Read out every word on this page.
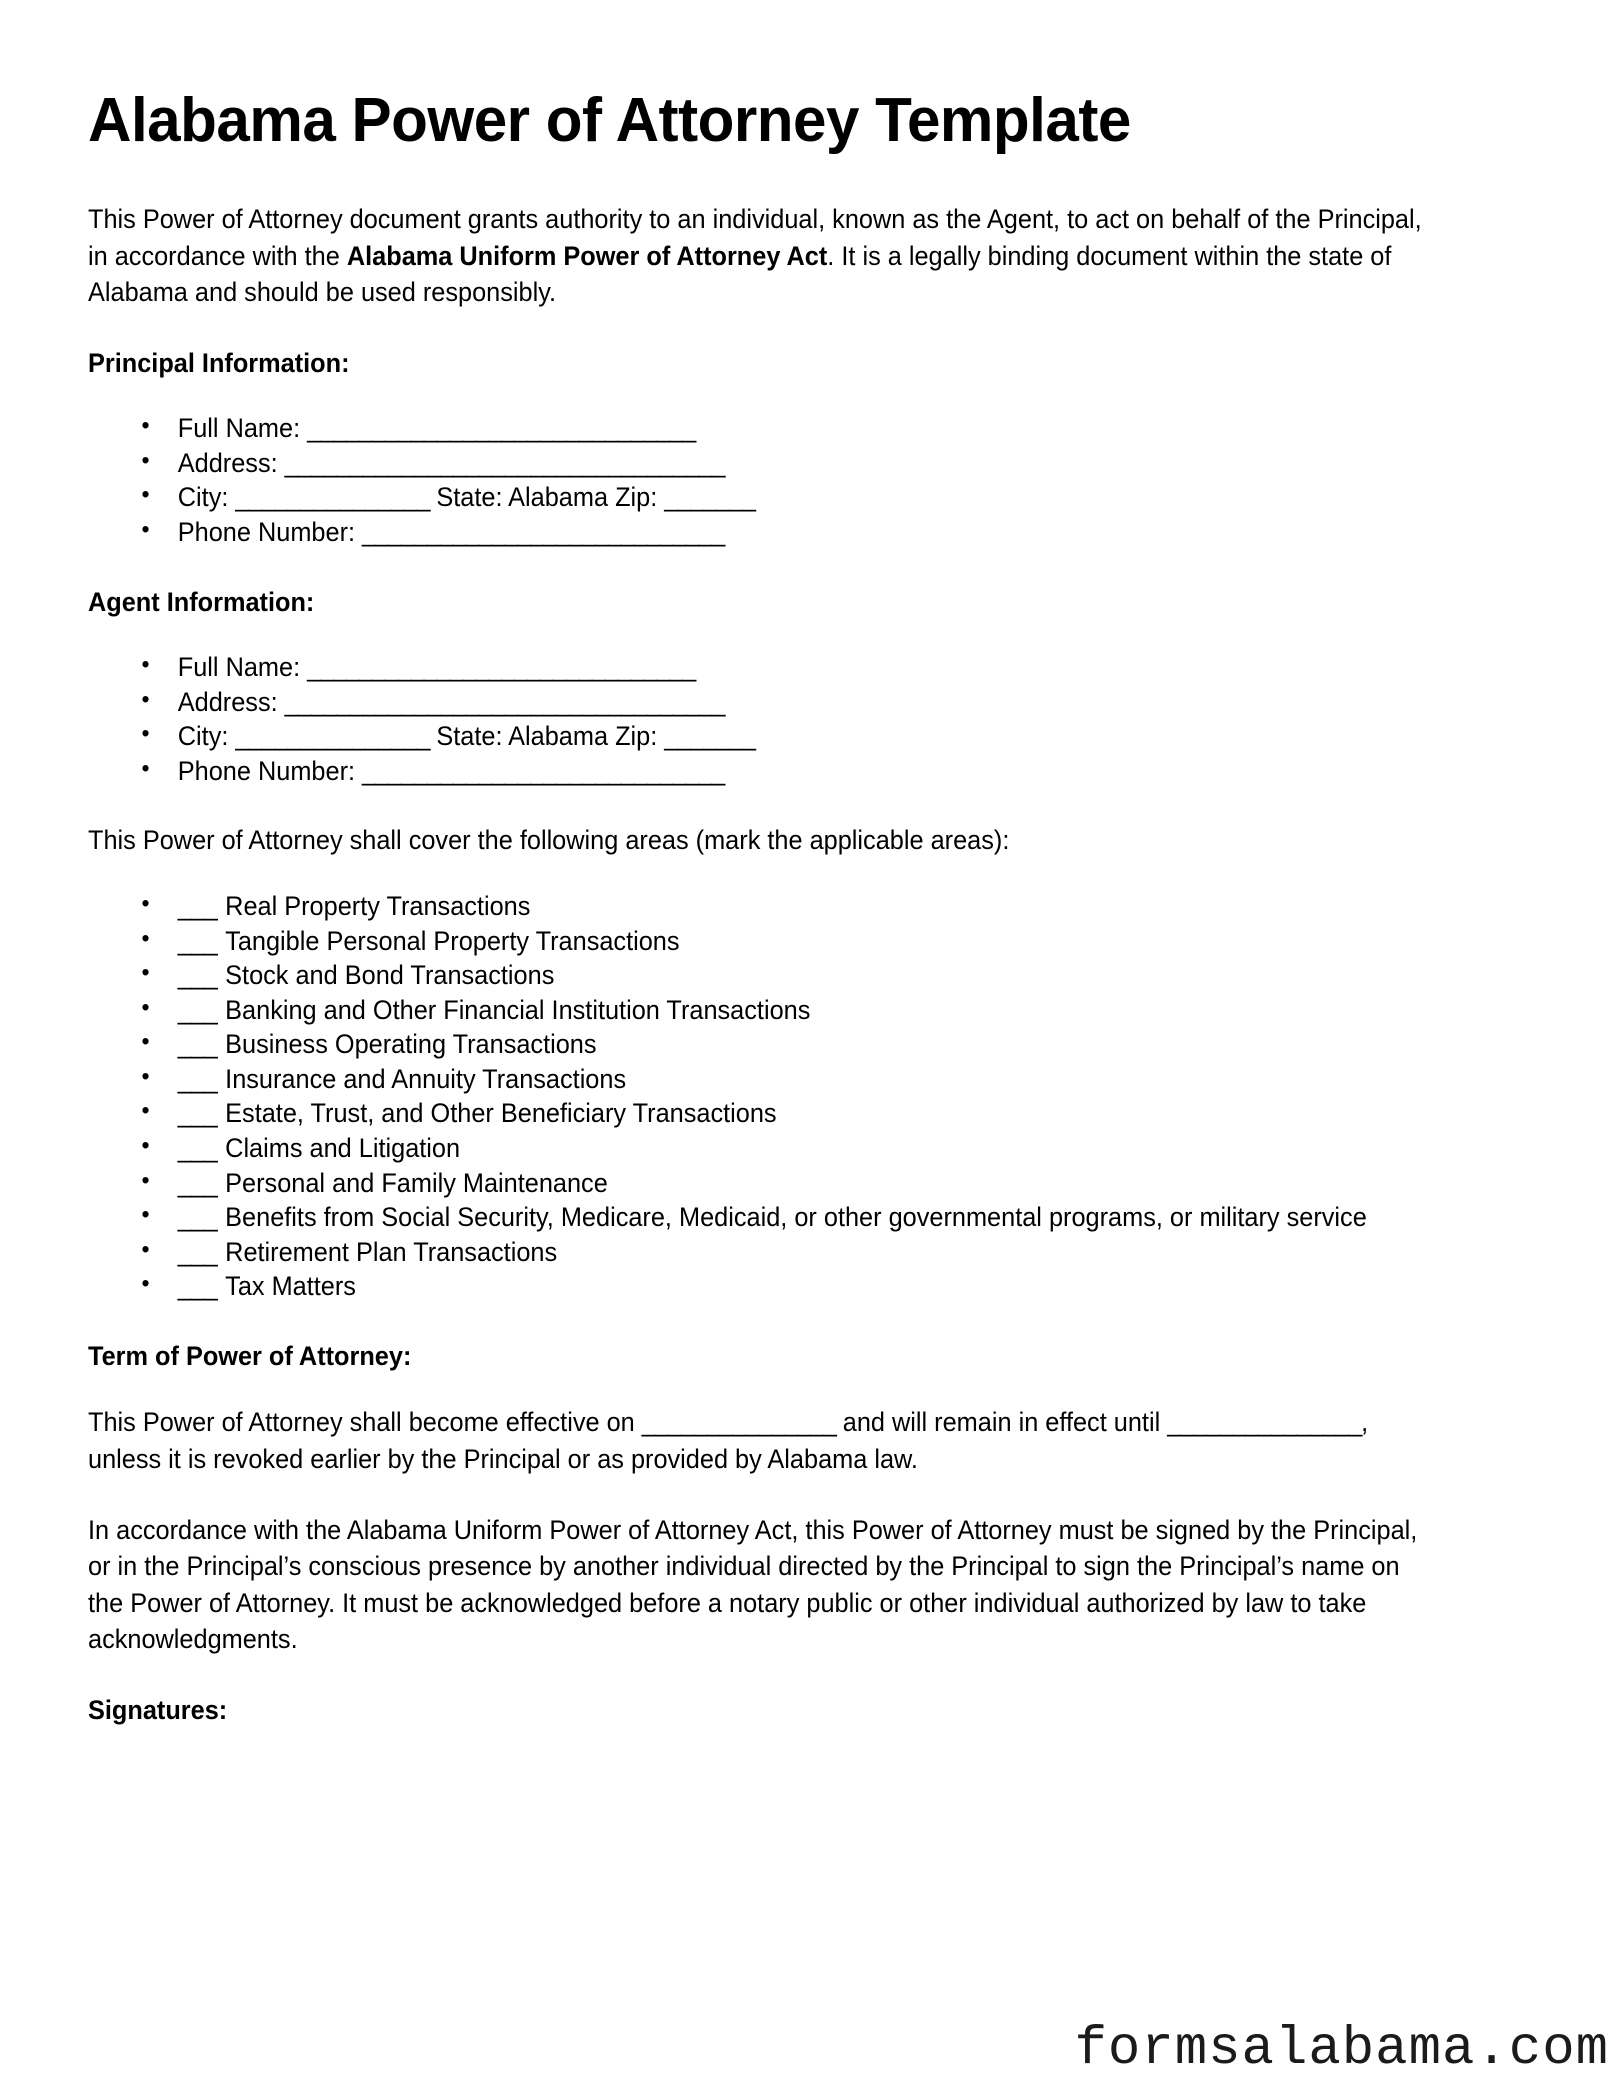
Alabama Power of Attorney Template

This Power of Attorney document grants authority to an individual, known as the Agent, to act on behalf of the Principal, in accordance with the Alabama Uniform Power of Attorney Act. It is a legally binding document within the state of Alabama and should be used responsibly.

Principal Information:
• Full Name: ______________________________
• Address: __________________________________
• City: _______________ State: Alabama Zip: _______
• Phone Number: ____________________________
Agent Information:
• Full Name: ______________________________
• Address: __________________________________
• City: _______________ State: Alabama Zip: _______
• Phone Number: ____________________________

This Power of Attorney shall cover the following areas (mark the applicable areas):

• ___ Real Property Transactions
• ___ Tangible Personal Property Transactions
• ___ Stock and Bond Transactions
• ___ Banking and Other Financial Institution Transactions
• ___ Business Operating Transactions
• ___ Insurance and Annuity Transactions
• ___ Estate, Trust, and Other Beneficiary Transactions
• ___ Claims and Litigation
• ___ Personal and Family Maintenance
• ___ Benefits from Social Security, Medicare, Medicaid, or other governmental programs, or military service
• ___ Retirement Plan Transactions
• ___ Tax Matters
Term of Power of Attorney:

This Power of Attorney shall become effective on _______________ and will remain in effect until _______________, unless it is revoked earlier by the Principal or as provided by Alabama law.

In accordance with the Alabama Uniform Power of Attorney Act, this Power of Attorney must be signed by the Principal, or in the Principal’s conscious presence by another individual directed by the Principal to sign the Principal’s name on the Power of Attorney. It must be acknowledged before a notary public or other individual authorized by law to take acknowledgments.

Signatures:
formsalabama.com
